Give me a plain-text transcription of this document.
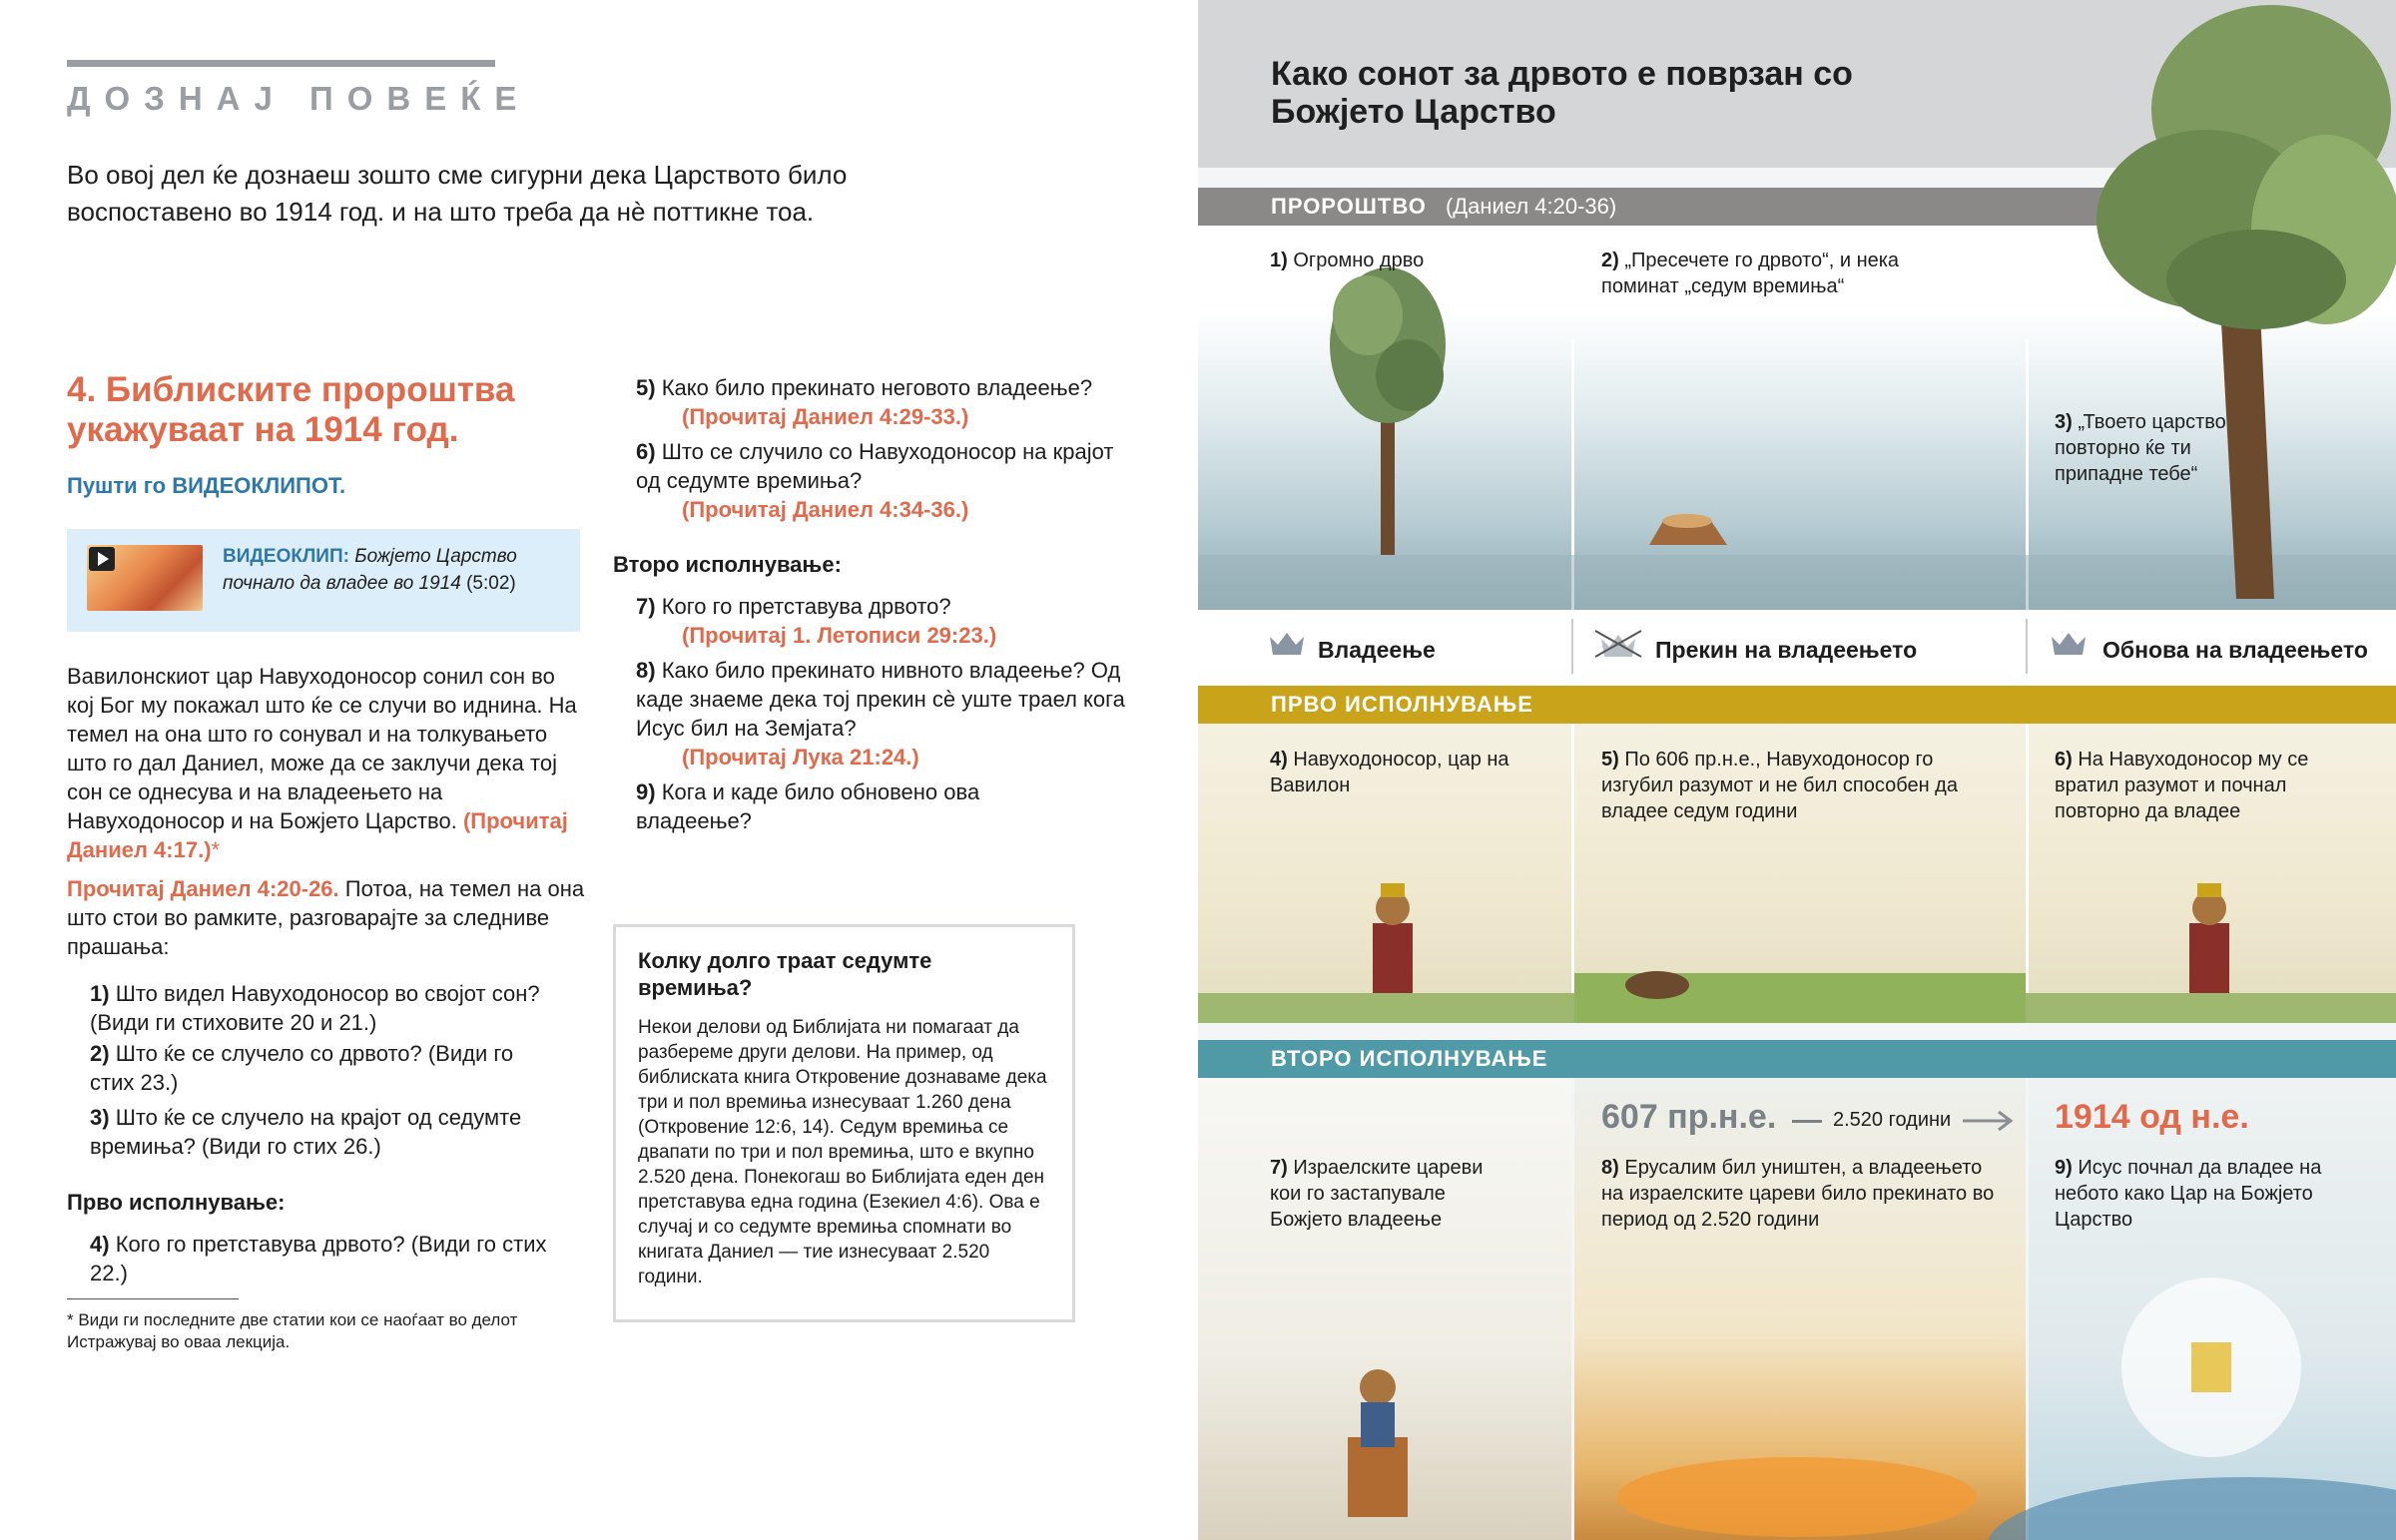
ДОЗНАЈ ПОВЕЌЕ
Во овој дел ќе дознаеш зошто сме сигурни дека Царството било воспоставено во 1914 год. и на што треба да нѐ поттикне тоа.
4. Библиските пророштва укажуваат на 1914 год.
Пушти го ВИДЕОКЛИПОТ.
ВИДЕОКЛИП: Божјето Царство почнало да владее во 1914 (5:02)
Вавилонскиот цар Навуходоносор сонил сон во кој Бог му покажал што ќе се случи во иднина. На темел на она што го сонувал и на толкувањето што го дал Даниел, може да се заклучи дека тој сон се однесува и на владеењето на Навуходоносор и на Божјето Царство. (Прочитај Даниел 4:17.)*
Прочитај Даниел 4:20-26. Потоа, на темел на она што стои во рамките, разговарајте за следниве прашања:
1) Што видел Навуходоносор во својот сон? (Види ги стиховите 20 и 21.)
2) Што ќе се случело со дрвото? (Види го стих 23.)
3) Што ќе се случело на крајот од седумте времиња? (Види го стих 26.)
Прво исполнување:
4) Кого го претставува дрвото? (Види го стих 22.)
5) Како било прекинато неговото владеење?
(Прочитај Даниел 4:29-33.)
6) Што се случило со Навуходоносор на крајот од седумте времиња?
(Прочитај Даниел 4:34-36.)
Второ исполнување:
7) Кого го претставува дрвото?
(Прочитај 1. Летописи 29:23.)
8) Како било прекинато нивното владеење? Од каде знаеме дека тој прекин сѐ уште траел кога Исус бил на Земјата?
(Прочитај Лука 21:24.)
9) Кога и каде било обновено ова владеење?
* Види ги последните две статии кои се наоѓаат во делот Истражувај во оваа лекција.
Колку долго траат седумте времиња?

Некои делови од Библијата ни помагаат да разбереме други делови. На пример, од библиската книга Откровение дознаваме дека три и пол времиња изнесуваат 1.260 дена (Откровение 12:6, 14). Седум времиња се двапати по три и пол времиња, што е вкупно 2.520 дена. Понекогаш во Библијата еден ден претставува една година (Езекиел 4:6). Ова е случај и со седумте времиња спомнати во книгата Даниел — тие изнесуваат 2.520 години.

Како сонот за дрвото е поврзан со Божјето Царство
ПРОРОШТВО (Даниел 4:20-36)
1) Огромно дрво	2) „Пресечете го дрвото“, и нека поминат „седум времиња“
3) „Твоето царство повторно ќе ти припадне тебе“
Владеење	Прекин на владеењето	Обнова на владеењето
ПРВО ИСПОЛНУВАЊЕ
4) Навуходоносор, цар на Вавилон
5) По 606 пр.н.е., Навуходоносор го изгубил разумот и не бил способен да владее седум години
6) На Навуходоносор му се вратил разумот и почнал повторно да владее
ВТОРО ИСПОЛНУВАЊЕ
607 пр.н.е.	2.520 години	1914 од н.е.
7) Израелските цареви кои го застапувале Божјето владеење
8) Ерусалим бил уништен, а владеењето на израелските цареви било прекинато во период од 2.520 години
9) Исус почнал да владее на небото како Цар на Божјето Царство
